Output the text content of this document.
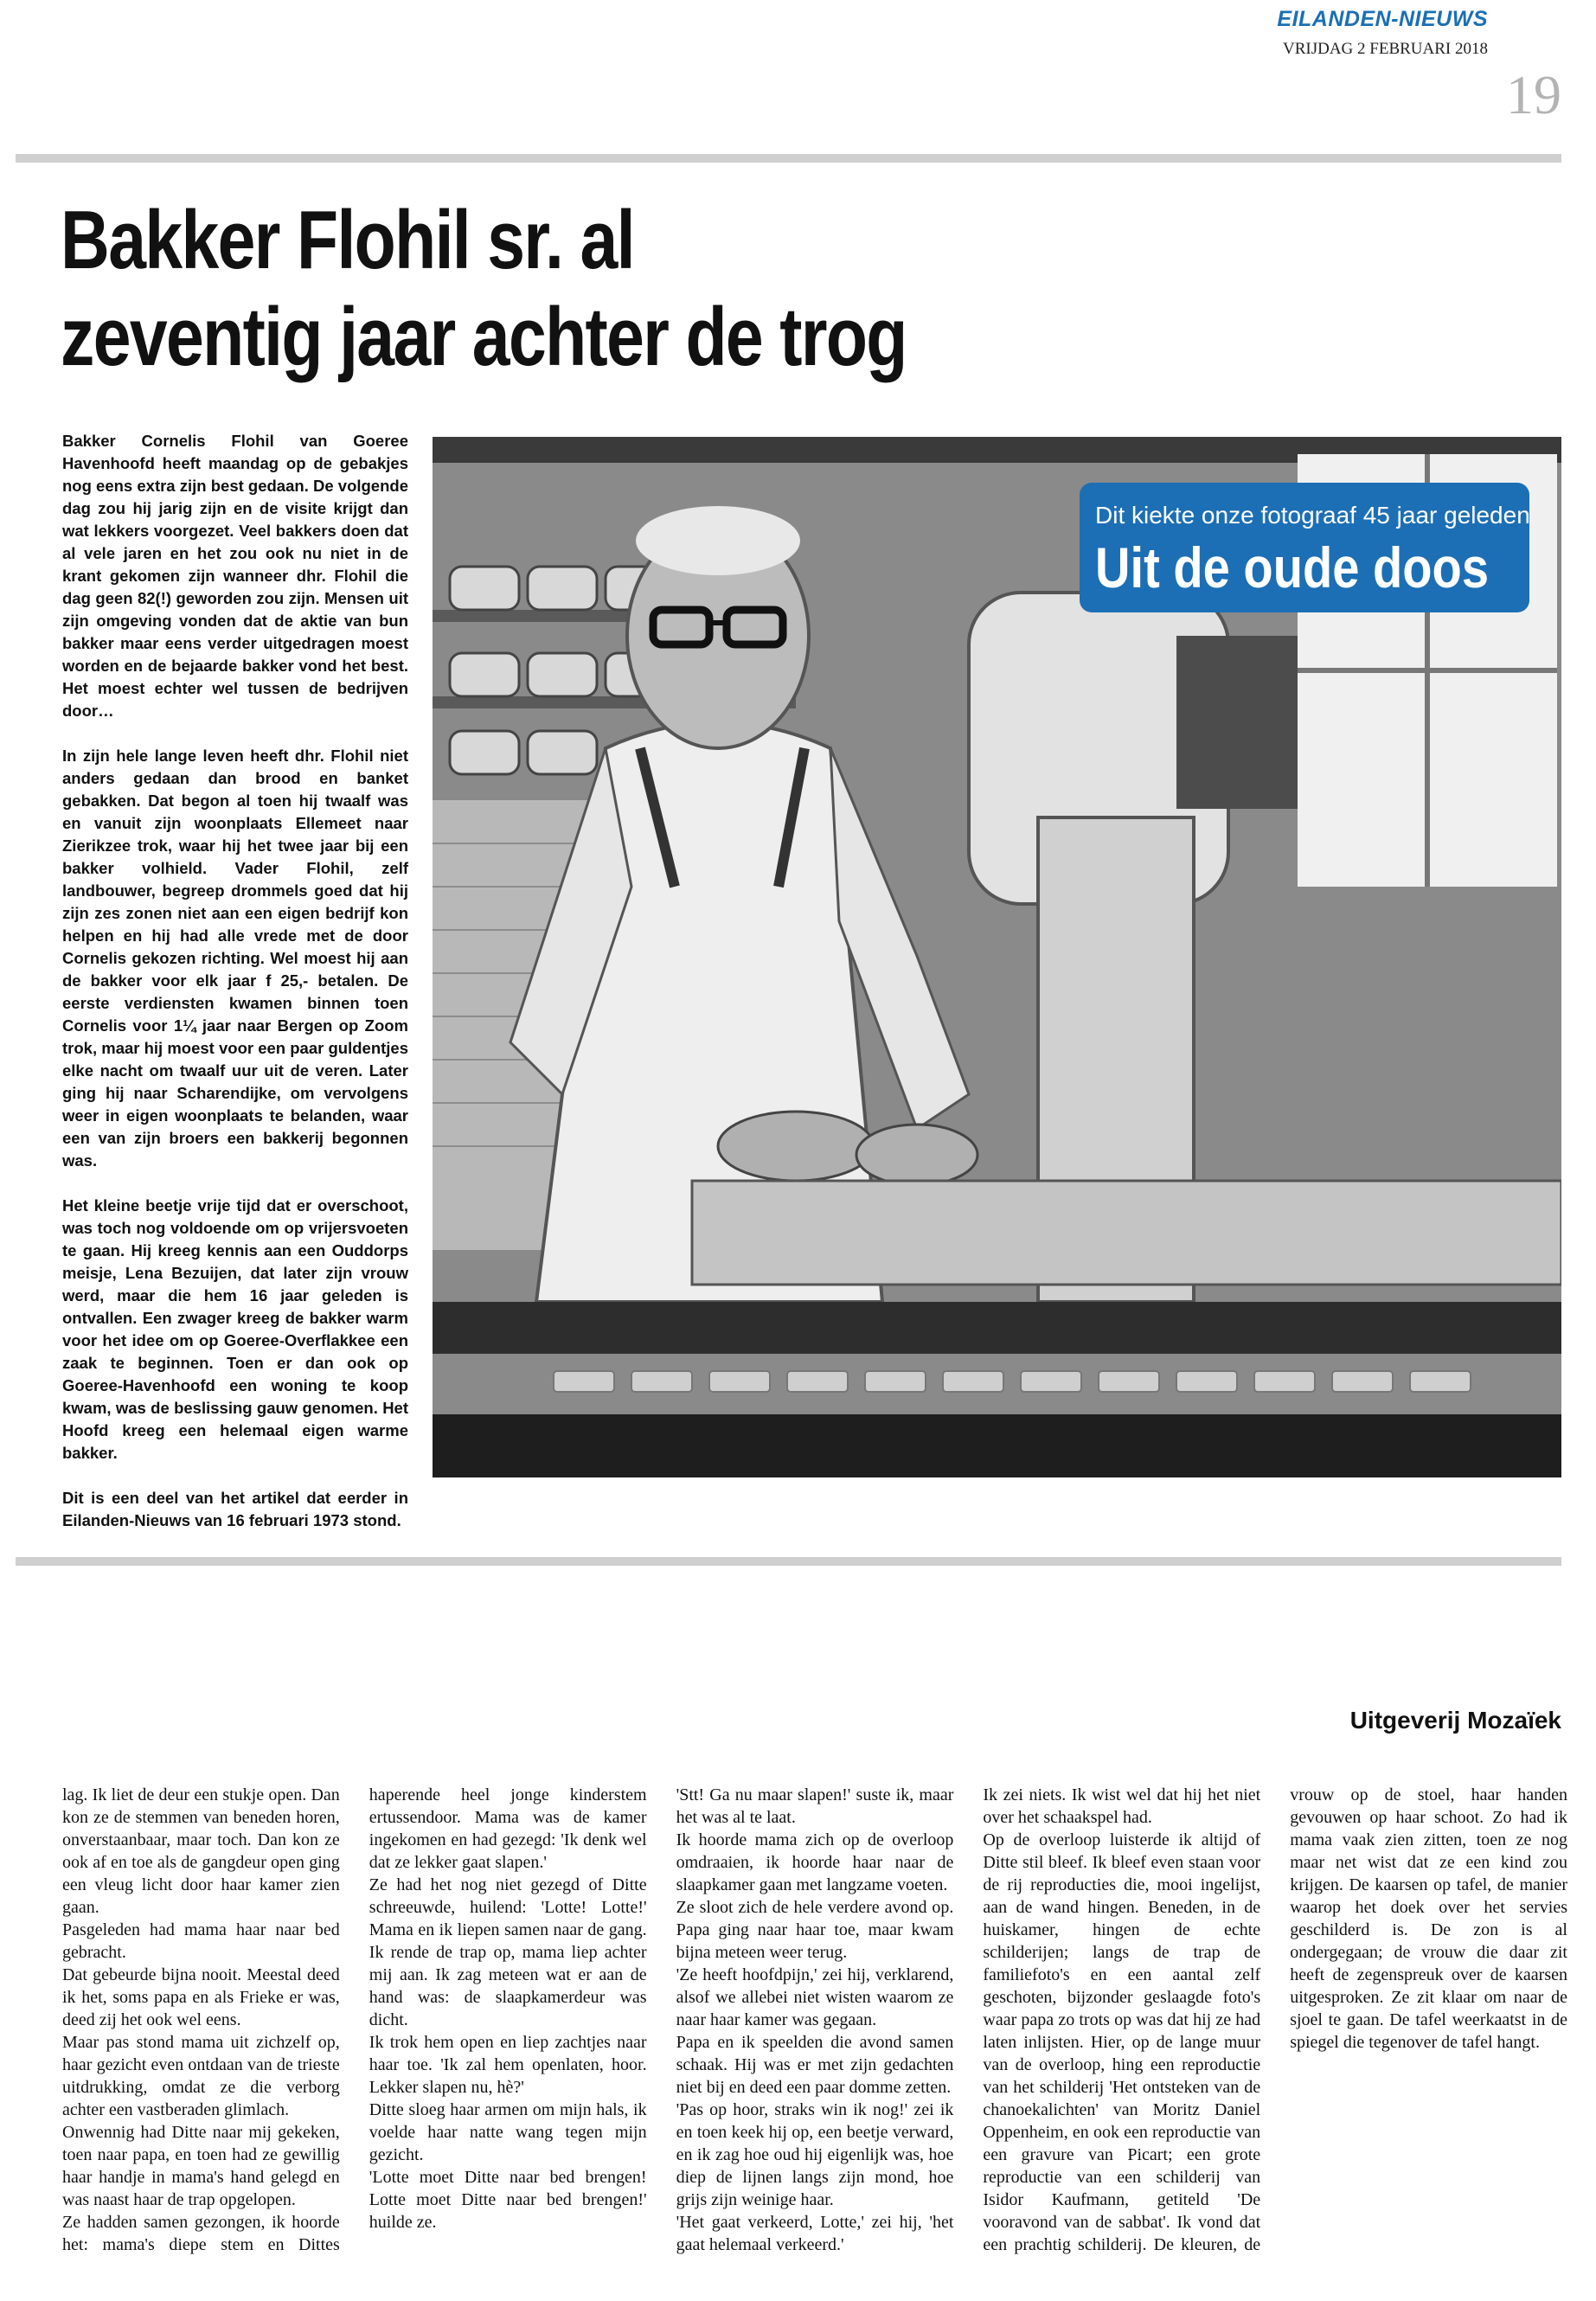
EILANDEN-NIEUWS
VRIJDAG 2 FEBRUARI 2018
19
Bakker Flohil sr. al
zeventig jaar achter de trog

Bakker Cornelis Flohil van Goeree Havenhoofd heeft maandag op de gebakjes nog eens extra zijn best gedaan. De volgende dag zou hij jarig zijn en de visite krijgt dan wat lekkers voorgezet. Veel bakkers doen dat al vele jaren en het zou ook nu niet in de krant gekomen zijn wanneer dhr. Flohil die dag geen 82(!) geworden zou zijn. Mensen uit zijn omgeving vonden dat de aktie van bun bakker maar eens verder uitgedragen moest worden en de bejaarde bakker vond het best. Het moest echter wel tussen de bedrijven door…

In zijn hele lange leven heeft dhr. Flohil niet anders gedaan dan brood en banket gebakken. Dat begon al toen hij twaalf was en vanuit zijn woonplaats Ellemeet naar Zierikzee trok, waar hij het twee jaar bij een bakker volhield. Vader Flohil, zelf landbouwer, begreep drommels goed dat hij zijn zes zonen niet aan een eigen bedrijf kon helpen en hij had alle vrede met de door Cornelis gekozen richting. Wel moest hij aan de bakker voor elk jaar f 25,- betalen. De eerste verdiensten kwamen binnen toen Cornelis voor 1¼ jaar naar Bergen op Zoom trok, maar hij moest voor een paar guldentjes elke nacht om twaalf uur uit de veren. Later ging hij naar Scharendijke, om vervolgens weer in eigen woonplaats te belanden, waar een van zijn broers een bakkerij begonnen was.

Het kleine beetje vrije tijd dat er overschoot, was toch nog voldoende om op vrijersvoeten te gaan. Hij kreeg kennis aan een Ouddorps meisje, Lena Bezuijen, dat later zijn vrouw werd, maar die hem 16 jaar geleden is ontvallen. Een zwager kreeg de bakker warm voor het idee om op Goeree-Overflakkee een zaak te beginnen. Toen er dan ook op Goeree-Havenhoofd een woning te koop kwam, was de beslissing gauw genomen. Het Hoofd kreeg een helemaal eigen warme bakker.

Dit is een deel van het artikel dat eerder in Eilanden-Nieuws van 16 februari 1973 stond.

Dit kiekte onze fotograaf 45 jaar geleden
Uit de oude doos
Uitgeverij Mozaïek

lag. Ik liet de deur een stukje open. Dan kon ze de stemmen van beneden horen, onverstaanbaar, maar toch. Dan kon ze ook af en toe als de gangdeur open ging een vleug licht door haar kamer zien gaan.

Pasgeleden had mama haar naar bed gebracht.

Dat gebeurde bijna nooit. Meestal deed ik het, soms papa en als Frieke er was, deed zij het ook wel eens.

Maar pas stond mama uit zichzelf op, haar gezicht even ontdaan van de trieste uitdrukking, omdat ze die verborg achter een vastberaden glimlach.

Onwennig had Ditte naar mij gekeken, toen naar papa, en toen had ze gewillig haar handje in mama's hand gelegd en was naast haar de trap opgelopen.

Ze hadden samen gezongen, ik hoorde het: mama's diepe stem en Dittes haperende heel jonge kinderstem ertussendoor. Mama was de kamer ingekomen en had gezegd: 'Ik denk wel dat ze lekker gaat slapen.'

Ze had het nog niet gezegd of Ditte schreeuwde, huilend: 'Lotte! Lotte!' Mama en ik liepen samen naar de gang. Ik rende de trap op, mama liep achter mij aan. Ik zag meteen wat er aan de hand was: de slaapkamerdeur was dicht.

Ik trok hem open en liep zachtjes naar haar toe. 'Ik zal hem openlaten, hoor. Lekker slapen nu, hè?'

Ditte sloeg haar armen om mijn hals, ik voelde haar natte wang tegen mijn gezicht.

'Lotte moet Ditte naar bed brengen! Lotte moet Ditte naar bed brengen!' huilde ze.

'Stt! Ga nu maar slapen!' suste ik, maar het was al te laat.

Ik hoorde mama zich op de overloop omdraaien, ik hoorde haar naar de slaapkamer gaan met langzame voeten.

Ze sloot zich de hele verdere avond op. Papa ging naar haar toe, maar kwam bijna meteen weer terug.

'Ze heeft hoofdpijn,' zei hij, verklarend, alsof we allebei niet wisten waarom ze naar haar kamer was gegaan.

Papa en ik speelden die avond samen schaak. Hij was er met zijn gedachten niet bij en deed een paar domme zetten.

'Pas op hoor, straks win ik nog!' zei ik en toen keek hij op, een beetje verward, en ik zag hoe oud hij eigenlijk was, hoe diep de lijnen langs zijn mond, hoe grijs zijn weinige haar.

'Het gaat verkeerd, Lotte,' zei hij, 'het gaat helemaal verkeerd.'

Ik zei niets. Ik wist wel dat hij het niet over het schaakspel had.

Op de overloop luisterde ik altijd of Ditte stil bleef. Ik bleef even staan voor de rij reproducties die, mooi ingelijst, aan de wand hingen. Beneden, in de huiskamer, hingen de echte schilderijen; langs de trap de familiefoto's en een aantal zelf geschoten, bijzonder geslaagde foto's waar papa zo trots op was dat hij ze had laten inlijsten. Hier, op de lange muur van de overloop, hing een reproductie van het schilderij 'Het ontsteken van de chanoekalichten' van Moritz Daniel Oppenheim, en ook een reproductie van een gravure van Picart; een grote reproductie van een schilderij van Isidor Kaufmann, getiteld 'De vooravond van de sabbat'. Ik vond dat een prachtig schilderij. De kleuren, de vrouw op de stoel, haar handen gevouwen op haar schoot. Zo had ik mama vaak zien zitten, toen ze nog maar net wist dat ze een kind zou krijgen. De kaarsen op tafel, de manier waarop het doek over het servies geschilderd is. De zon is al ondergegaan; de vrouw die daar zit heeft de zegenspreuk over de kaarsen uitgesproken. Ze zit klaar om naar de sjoel te gaan. De tafel weerkaatst in de spiegel die tegenover de tafel hangt.
